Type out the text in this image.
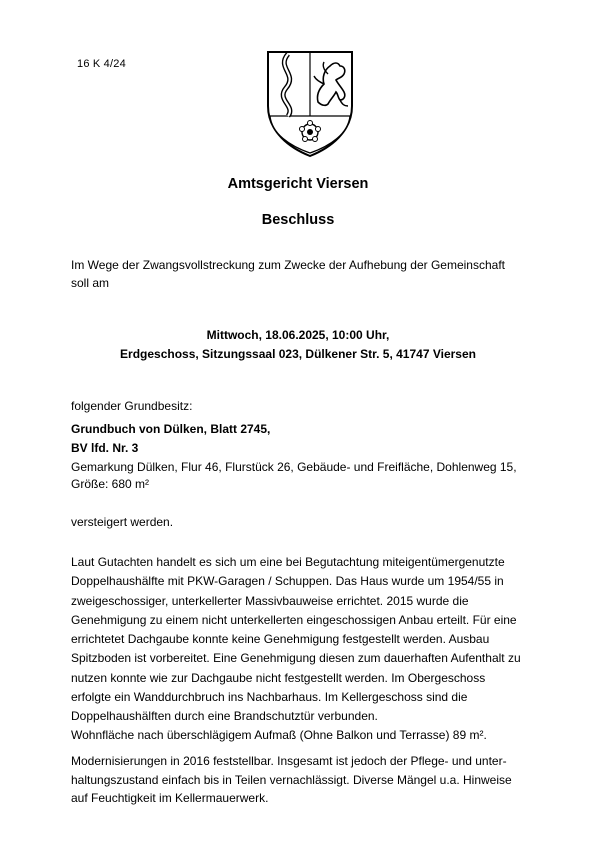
16 K 4/24
Amtsgericht Viersen
Beschluss

Im Wege der Zwangsvollstreckung zum Zwecke der Aufhebung der Gemeinschaft
soll am

Mittwoch, 18.06.2025, 10:00 Uhr,

Erdgeschoss, Sitzungssaal 023, Dülkener Str. 5, 41747 Viersen

folgender Grundbesitz:

Grundbuch von Dülken, Blatt 2745,

BV lfd. Nr. 3

Gemarkung Dülken, Flur 46, Flurstück 26, Gebäude- und Freifläche, Dohlenweg 15,

Größe: 680 m²

versteigert werden.

Laut Gutachten handelt es sich um eine bei Begutachtung miteigentümergenutzte
Doppelhaushälfte mit PKW-Garagen / Schuppen. Das Haus wurde um 1954/55 in
zweigeschossiger, unterkellerter Massivbauweise errichtet. 2015 wurde die
Genehmigung zu einem nicht unterkellerten eingeschossigen Anbau erteilt. Für eine
errichtetet Dachgaube konnte keine Genehmigung festgestellt werden. Ausbau
Spitzboden ist vorbereitet. Eine Genehmigung diesen zum dauerhaften Aufenthalt zu
nutzen konnte wie zur Dachgaube nicht festgestellt werden. Im Obergeschoss
erfolgte ein Wanddurchbruch ins Nachbarhaus. Im Kellergeschoss sind die
Doppelhaushälften durch eine Brandschutztür verbunden.

Wohnfläche nach überschlägigem Aufmaß (Ohne Balkon und Terrasse) 89 m².

Modernisierungen in 2016 feststellbar. Insgesamt ist jedoch der Pflege- und unter-
haltungszustand einfach bis in Teilen vernachlässigt. Diverse Mängel u.a. Hinweise
auf Feuchtigkeit im Kellermauerwerk.
